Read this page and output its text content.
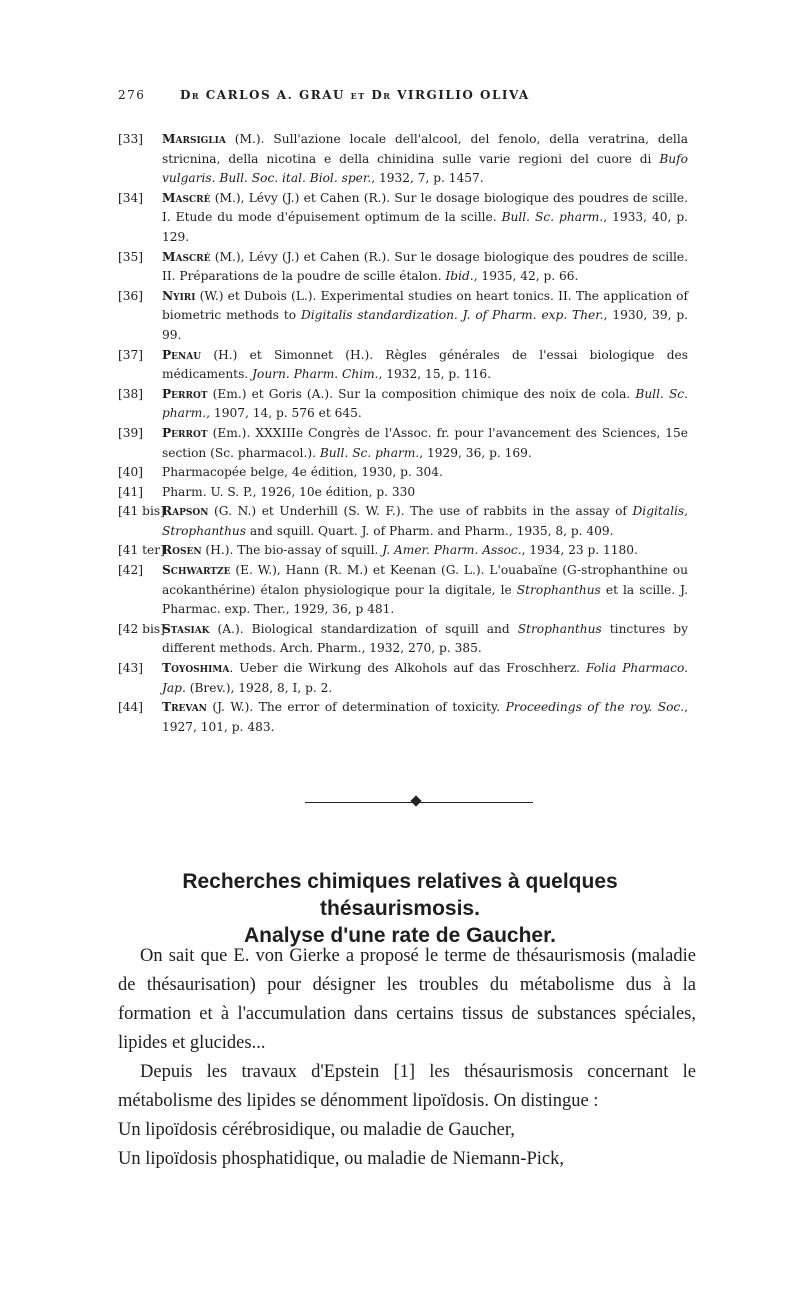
276	Dr CARLOS A. GRAU et Dr VIRGILIO OLIVA
[33] Marsiglia (M.). Sull'azione locale dell'alcool, del fenolo, della veratrina, della stricnina, della nicotina e della chinidina sulle varie regioni del cuore di Bufo vulgaris. Bull. Soc. ital. Biol. sper., 1932, 7, p. 1457.
[34] Mascré (M.), Lévy (J.) et Cahen (R.). Sur le dosage biologique des poudres de scille. I. Etude du mode d'épuisement optimum de la scille. Bull. Sc. pharm., 1933, 40, p. 129.
[35] Mascré (M.), Lévy (J.) et Cahen (R.). Sur le dosage biologique des poudres de scille. II. Préparations de la poudre de scille étalon. Ibid., 1935, 42, p. 66.
[36] Nyiri (W.) et Dubois (L.). Experimental studies on heart tonics. II. The application of biometric methods to Digitalis standardization. J. of Pharm. exp. Ther., 1930, 39, p. 99.
[37] Penau (H.) et Simonnet (H.). Règles générales de l'essai biologique des médicaments. Journ. Pharm. Chim., 1932, 15, p. 116.
[38] Perrot (Em.) et Goris (A.). Sur la composition chimique des noix de cola. Bull. Sc. pharm., 1907, 14, p. 576 et 645.
[39] Perrot (Em.). XXXIIIe Congrès de l'Assoc. fr. pour l'avancement des Sciences, 15e section (Sc. pharmacol.). Bull. Sc. pharm., 1929, 36, p. 169.
[40] Pharmacopée belge, 4e édition, 1930, p. 304.
[41] Pharm. U. S. P., 1926, 10e édition, p. 330
[41 bis]
Rapson (G. N.) et Underhill (S. W. F.). The use of rabbits in the assay of Digitalis, Strophanthus and squill. Quart. J. of Pharm. and Pharm., 1935, 8, p. 409.
[41 ter]
Rosen (H.). The bio-assay of squill. J. Amer. Pharm. Assoc., 1934, 23 p. 1180.
[42] Schwartze (E. W.), Hann (R. M.) et Keenan (G. L.). L'ouabaïne (G-strophanthine ou acokanthérine) étalon physiologique pour la digitale, le Strophanthus et la scille. J. Pharmac. exp. Ther., 1929, 36, p 481.
[42 bis]
Stasiak (A.). Biological standardization of squill and Strophanthus tinctures by different methods. Arch. Pharm., 1932, 270, p. 385.
[43] Toyoshima. Ueber die Wirkung des Alkohols auf das Froschherz. Folia Pharmaco. Jap. (Brev.), 1928, 8, I, p. 2.
[44] Trevan (J. W.). The error of determination of toxicity. Proceedings of the roy. Soc., 1927, 101, p. 483.
Recherches chimiques relatives à quelques thésaurismosis.
Analyse d'une rate de Gaucher.

On sait que E. von Gierke a proposé le terme de thésaurismosis (maladie de thésaurisation) pour désigner les troubles du métabolisme dus à la formation et à l'accumulation dans certains tissus de substances spéciales, lipides et glucides...

Depuis les travaux d'Epstein [1] les thésaurismosis concernant le métabolisme des lipides se dénomment lipoïdosis. On distingue :

Un lipoïdosis cérébrosidique, ou maladie de Gaucher,

Un lipoïdosis phosphatidique, ou maladie de Niemann-Pick,
